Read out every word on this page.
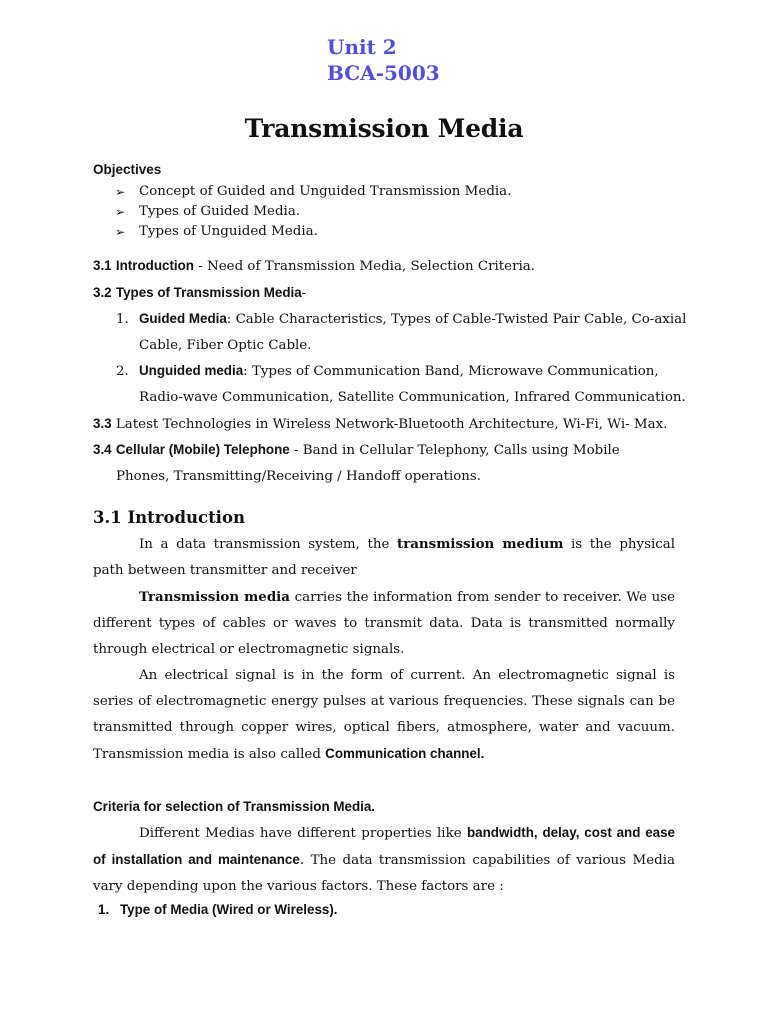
Unit 2
BCA-5003
Transmission Media
Objectives
➢ Concept of Guided and Unguided Transmission Media.
➢ Types of Guided Media.
➢ Types of Unguided Media.
3.1 Introduction - Need of Transmission Media, Selection Criteria.
3.2 Types of Transmission Media-
1. Guided Media: Cable Characteristics, Types of Cable-Twisted Pair Cable, Co-axial
Cable, Fiber Optic Cable.
2. Unguided media: Types of Communication Band, Microwave Communication,
Radio-wave Communication, Satellite Communication, Infrared Communication.
3.3 Latest Technologies in Wireless Network-Bluetooth Architecture, Wi-Fi, Wi- Max.
3.4 Cellular (Mobile) Telephone - Band in Cellular Telephony, Calls using Mobile
Phones, Transmitting/Receiving / Handoff operations.
3.1 Introduction

In a data transmission system, the transmission medium is the physical path between transmitter and receiver

Transmission media carries the information from sender to receiver. We use different types of cables or waves to transmit data. Data is transmitted normally through electrical or electromagnetic signals.

An electrical signal is in the form of current. An electromagnetic signal is series of electromagnetic energy pulses at various frequencies. These signals can be transmitted through copper wires, optical fibers, atmosphere, water and vacuum. Transmission media is also called Communication channel.

Criteria for selection of Transmission Media.

Different Medias have different properties like bandwidth, delay, cost and ease of installation and maintenance. The data transmission capabilities of various Media vary depending upon the various factors. These factors are :

1. Type of Media (Wired or Wireless).
